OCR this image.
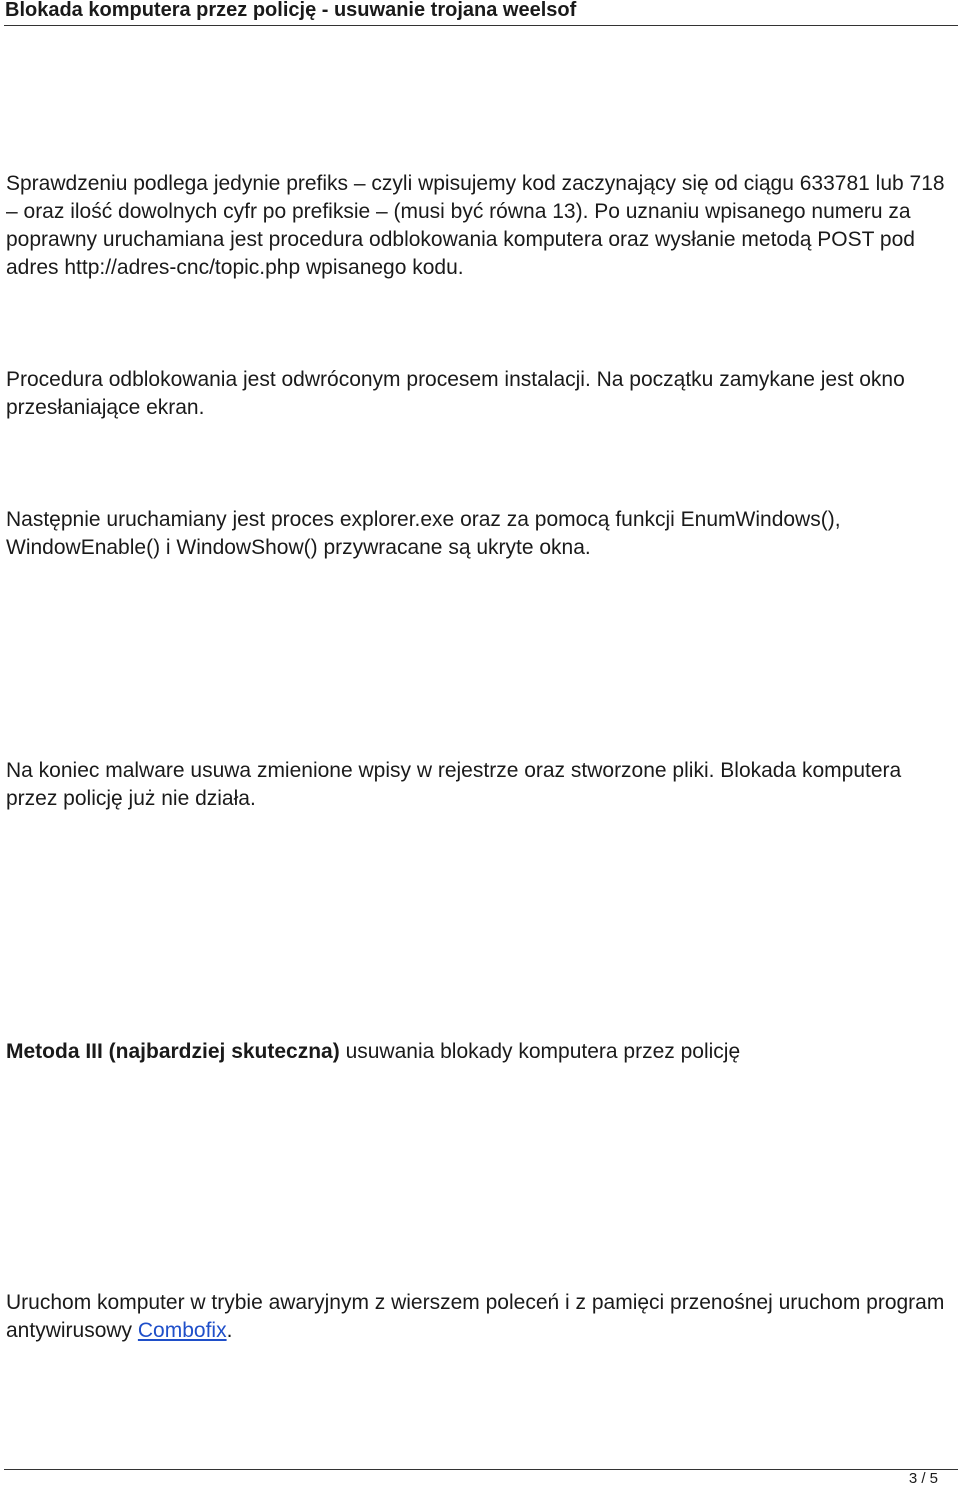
Blokada komputera przez policję - usuwanie trojana weelsof

Sprawdzeniu podlega jedynie prefiks – czyli wpisujemy kod zaczynający się od ciągu 633781 lub 718 – oraz ilość dowolnych cyfr po prefiksie – (musi być równa 13). Po uznaniu wpisanego numeru za poprawny uruchamiana jest procedura odblokowania komputera oraz wysłanie metodą POST pod adres http://adres-cnc/topic.php wpisanego kodu.

Procedura odblokowania jest odwróconym procesem instalacji. Na początku zamykane jest okno przesłaniające ekran.

Następnie uruchamiany jest proces explorer.exe oraz za pomocą funkcji EnumWindows(), WindowEnable() i WindowShow() przywracane są ukryte okna.

Na koniec malware usuwa zmienione wpisy w rejestrze oraz stworzone pliki. Blokada komputera przez policję już nie działa.

Metoda III (najbardziej skuteczna) usuwania blokady komputera przez policję

Uruchom komputer w trybie awaryjnym z wierszem poleceń i z pamięci przenośnej uruchom program antywirusowy Combofix.

3 / 5
